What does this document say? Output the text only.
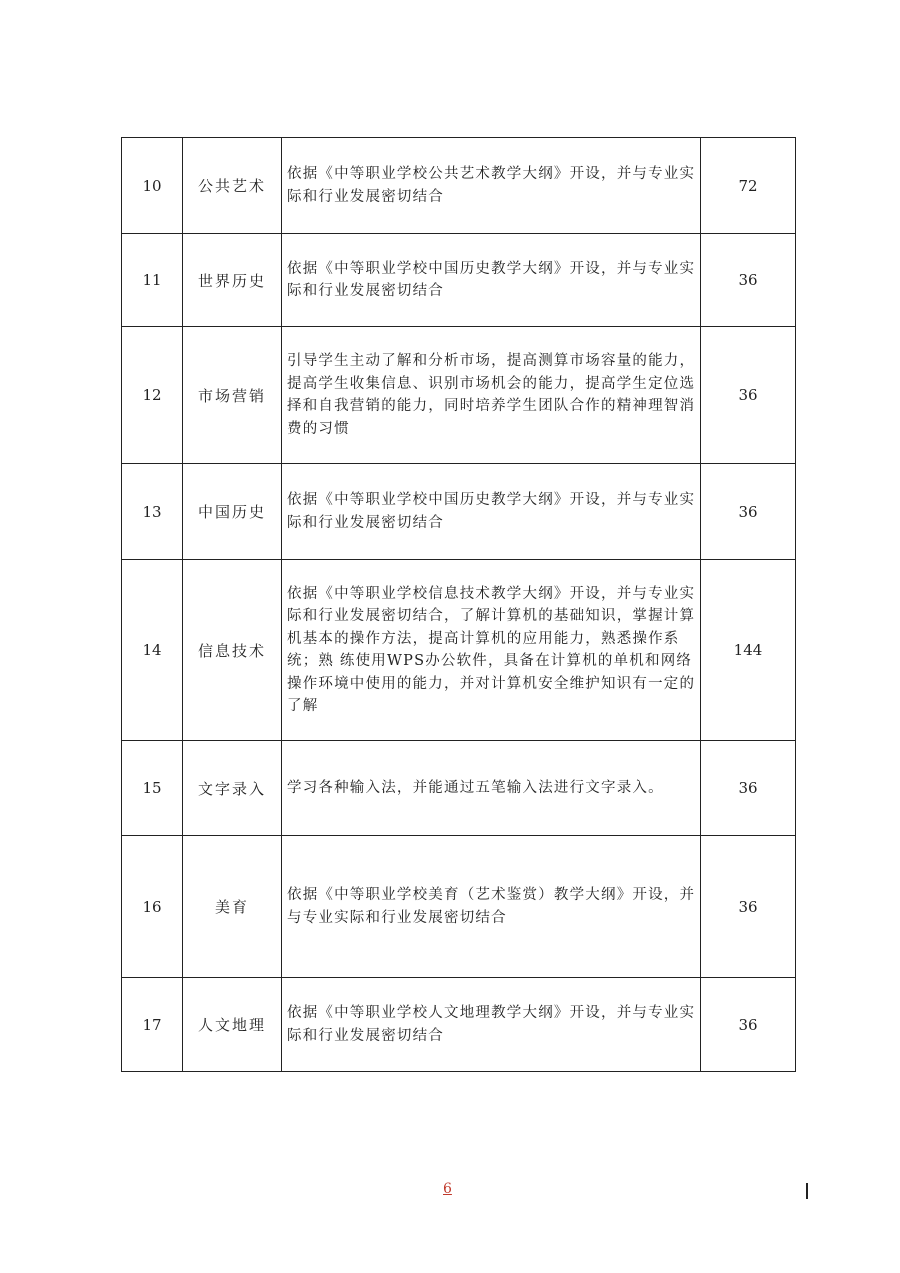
10	公共艺术	依据《中等职业学校公共艺术教学大纲》开设，并与专业实际和行业发展密切结合	72
11	世界历史	依据《中等职业学校中国历史教学大纲》开设，并与专业实际和行业发展密切结合	36
12	市场营销	引导学生主动了解和分析市场，提高测算市场容量的能力，提高学生收集信息、识别市场机会的能力，提高学生定位选择和自我营销的能力，同时培养学生团队合作的精神理智消费的习惯	36
13	中国历史	依据《中等职业学校中国历史教学大纲》开设，并与专业实际和行业发展密切结合	36
14	信息技术	依据《中等职业学校信息技术教学大纲》开设，并与专业实际和行业发展密切结合，了解计算机的基础知识，掌握计算机基本的操作方法，提高计算机的应用能力，熟悉操作系统；熟 练使用WPS办公软件，具备在计算机的单机和网络操作环境中使用的能力，并对计算机安全维护知识有一定的了解	144
15	文字录入	学习各种输入法，并能通过五笔输入法进行文字录入。	36
16	美育	依据《中等职业学校美育（艺术鉴赏）教学大纲》开设，并与专业实际和行业发展密切结合	36
17	人文地理	依据《中等职业学校人文地理教学大纲》开设，并与专业实际和行业发展密切结合	36
6
